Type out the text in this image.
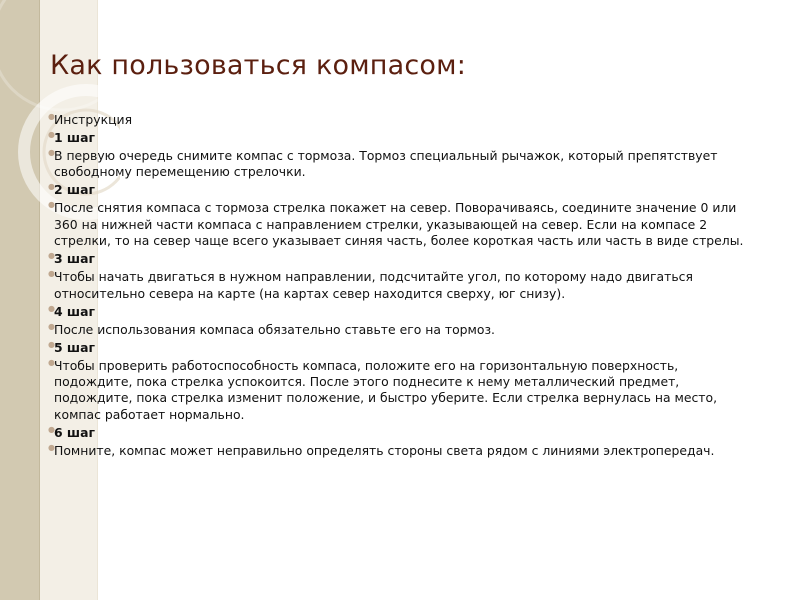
Как пользоваться компасом:
● Инструкция
● 1 шаг
● В первую очередь снимите компас с тормоза. Тормоз специальный рычажок, который препятствует свободному перемещению стрелочки.
● 2 шаг
● После снятия компаса с тормоза стрелка покажет на север. Поворачиваясь, соедините значение 0 или 360 на нижней части компаса с направлением стрелки, указывающей на север. Если на компасе 2 стрелки, то на север чаще всего указывает синяя часть, более короткая часть или часть в виде стрелы.
● 3 шаг
● Чтобы начать двигаться в нужном направлении, подсчитайте угол, по которому надо двигаться относительно севера на карте (на картах север находится сверху, юг снизу).
● 4 шаг
● После использования компаса обязательно ставьте его на тормоз.
● 5 шаг
● Чтобы проверить работоспособность компаса, положите его на горизонтальную поверхность, подождите, пока стрелка успокоится. После этого поднесите к нему металлический предмет, подождите, пока стрелка изменит положение, и быстро уберите. Если стрелка вернулась на место, компас работает нормально.
● 6 шаг
● Помните, компас может неправильно определять стороны света рядом с линиями электропередач.
